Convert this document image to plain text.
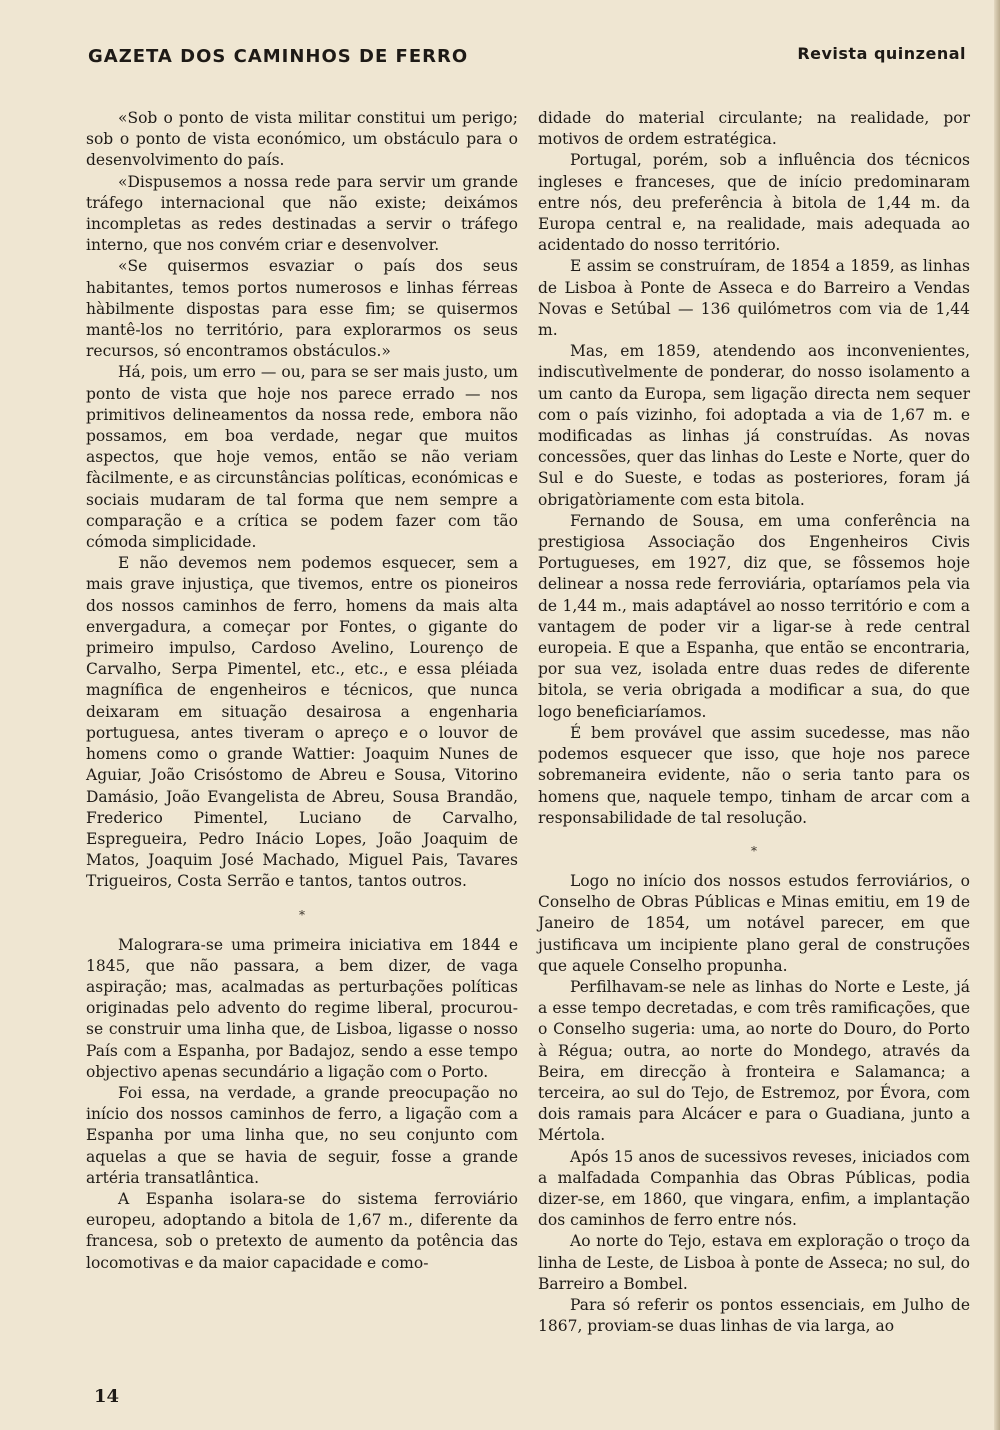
GAZETA DOS CAMINHOS DE FERRO	Revista quinzenal

«Sob o ponto de vista militar constitui um perigo; sob o ponto de vista económico, um obstáculo para o desenvolvimento do país.

«Dispusemos a nossa rede para servir um grande tráfego internacional que não existe; deixámos incompletas as redes destinadas a servir o tráfego interno, que nos convém criar e desenvolver.

«Se quisermos esvaziar o país dos seus habitantes, temos portos numerosos e linhas férreas hàbilmente dispostas para esse fim; se quisermos mantê-los no território, para explorarmos os seus recursos, só encontramos obstáculos.»

Há, pois, um erro — ou, para se ser mais justo, um ponto de vista que hoje nos parece errado — nos primitivos delineamentos da nossa rede, embora não possamos, em boa verdade, negar que muitos aspectos, que hoje vemos, então se não veriam fàcilmente, e as circunstâncias políticas, económicas e sociais mudaram de tal forma que nem sempre a comparação e a crítica se podem fazer com tão cómoda simplicidade.

E não devemos nem podemos esquecer, sem a mais grave injustiça, que tivemos, entre os pioneiros dos nossos caminhos de ferro, homens da mais alta envergadura, a começar por Fontes, o gigante do primeiro impulso, Cardoso Avelino, Lourenço de Carvalho, Serpa Pimentel, etc., etc., e essa pléiada magnífica de engenheiros e técnicos, que nunca deixaram em situação desairosa a engenharia portuguesa, antes tiveram o apreço e o louvor de homens como o grande Wattier: Joaquim Nunes de Aguiar, João Crisóstomo de Abreu e Sousa, Vitorino Damásio, João Evangelista de Abreu, Sousa Brandão, Frederico Pimentel, Luciano de Carvalho, Espregueira, Pedro Inácio Lopes, João Joaquim de Matos, Joaquim José Machado, Miguel Pais, Tavares Trigueiros, Costa Serrão e tantos, tantos outros.

*

Malograra-se uma primeira iniciativa em 1844 e 1845, que não passara, a bem dizer, de vaga aspiração; mas, acalmadas as perturbações políticas originadas pelo advento do regime liberal, procurou-se construir uma linha que, de Lisboa, ligasse o nosso País com a Espanha, por Badajoz, sendo a esse tempo objectivo apenas secundário a ligação com o Porto.

Foi essa, na verdade, a grande preocupação no início dos nossos caminhos de ferro, a ligação com a Espanha por uma linha que, no seu conjunto com aquelas a que se havia de seguir, fosse a grande artéria transatlântica.

A Espanha isolara-se do sistema ferroviário europeu, adoptando a bitola de 1,67 m., diferente da francesa, sob o pretexto de aumento da potência das locomotivas e da maior capacidade e como-

didade do material circulante; na realidade, por motivos de ordem estratégica.

Portugal, porém, sob a influência dos técnicos ingleses e franceses, que de início predominaram entre nós, deu preferência à bitola de 1,44 m. da Europa central e, na realidade, mais adequada ao acidentado do nosso território.

E assim se construíram, de 1854 a 1859, as linhas de Lisboa à Ponte de Asseca e do Barreiro a Vendas Novas e Setúbal — 136 quilómetros com via de 1,44 m.

Mas, em 1859, atendendo aos inconvenientes, indiscutìvelmente de ponderar, do nosso isolamento a um canto da Europa, sem ligação directa nem sequer com o país vizinho, foi adoptada a via de 1,67 m. e modificadas as linhas já construídas. As novas concessões, quer das linhas do Leste e Norte, quer do Sul e do Sueste, e todas as posteriores, foram já obrigatòriamente com esta bitola.

Fernando de Sousa, em uma conferência na prestigiosa Associação dos Engenheiros Civis Portugueses, em 1927, diz que, se fôssemos hoje delinear a nossa rede ferroviária, optaríamos pela via de 1,44 m., mais adaptável ao nosso território e com a vantagem de poder vir a ligar-se à rede central europeia. E que a Espanha, que então se encontraria, por sua vez, isolada entre duas redes de diferente bitola, se veria obrigada a modificar a sua, do que logo beneficiaríamos.

É bem provável que assim sucedesse, mas não podemos esquecer que isso, que hoje nos parece sobremaneira evidente, não o seria tanto para os homens que, naquele tempo, tinham de arcar com a responsabilidade de tal resolução.

*

Logo no início dos nossos estudos ferroviários, o Conselho de Obras Públicas e Minas emitiu, em 19 de Janeiro de 1854, um notável parecer, em que justificava um incipiente plano geral de construções que aquele Conselho propunha.

Perfilhavam-se nele as linhas do Norte e Leste, já a esse tempo decretadas, e com três ramificações, que o Conselho sugeria: uma, ao norte do Douro, do Porto à Régua; outra, ao norte do Mondego, através da Beira, em direcção à fronteira e Salamanca; a terceira, ao sul do Tejo, de Estremoz, por Évora, com dois ramais para Alcácer e para o Guadiana, junto a Mértola.

Após 15 anos de sucessivos reveses, iniciados com a malfadada Companhia das Obras Públicas, podia dizer-se, em 1860, que vingara, enfim, a implantação dos caminhos de ferro entre nós.

Ao norte do Tejo, estava em exploração o troço da linha de Leste, de Lisboa à ponte de Asseca; no sul, do Barreiro a Bombel.

Para só referir os pontos essenciais, em Julho de 1867, proviam-se duas linhas de via larga, ao

14
